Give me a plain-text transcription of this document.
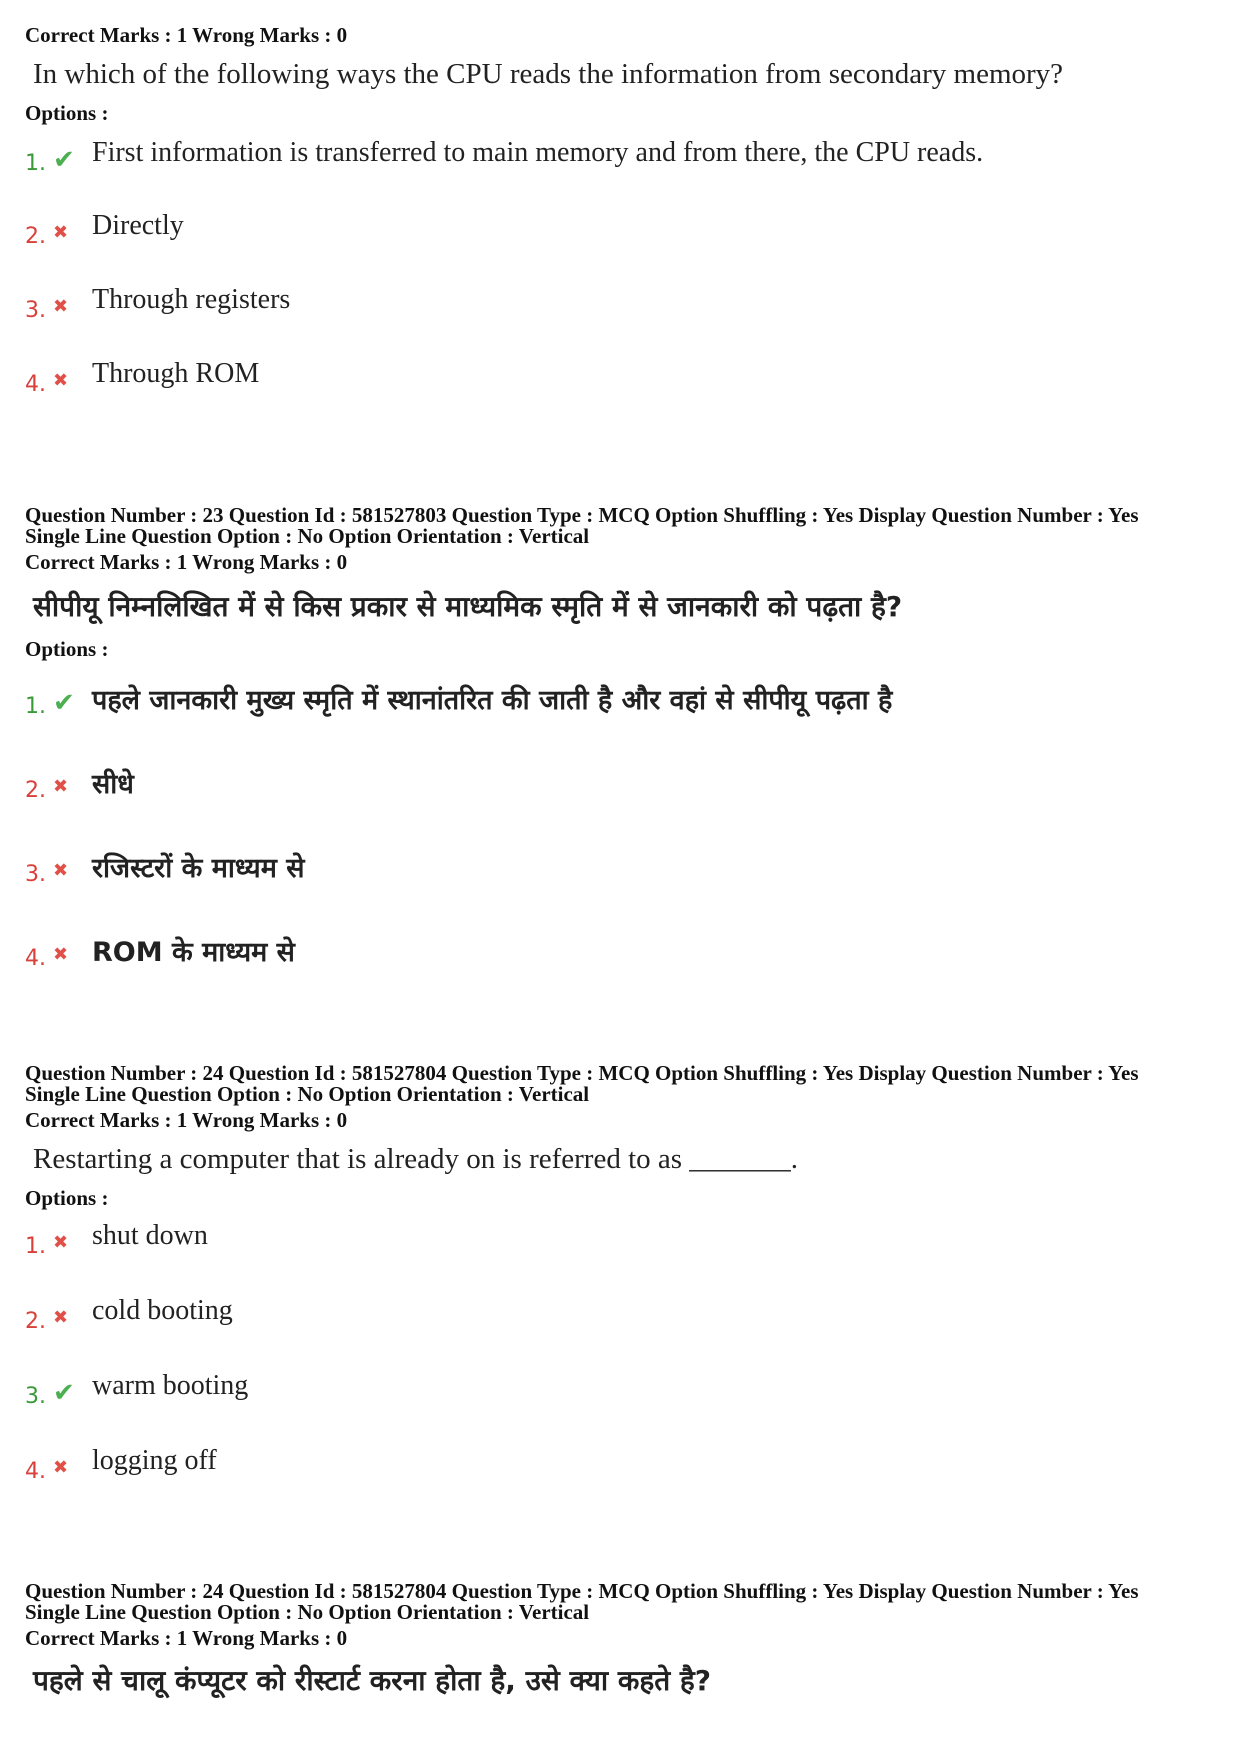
Correct Marks : 1 Wrong Marks : 0

In which of the following ways the CPU reads the information from secondary memory?

Options :

1. ✔ First information is transferred to main memory and from there, the CPU reads.
2. ✖ Directly
3. ✖ Through registers
4. ✖ Through ROM

Question Number : 23 Question Id : 581527803 Question Type : MCQ Option Shuffling : Yes Display Question Number : Yes

Single Line Question Option : No Option Orientation : Vertical

Correct Marks : 1 Wrong Marks : 0

सीपीयू निम्नलिखित में से किस प्रकार से माध्यमिक स्मृति में से जानकारी को पढ़ता है?

Options :

1. ✔ पहले जानकारी मुख्य स्मृति में स्थानांतरित की जाती है और वहां से सीपीयू पढ़ता है
2. ✖ सीधे
3. ✖ रजिस्टरों के माध्यम से
4. ✖ ROM के माध्यम से

Question Number : 24 Question Id : 581527804 Question Type : MCQ Option Shuffling : Yes Display Question Number : Yes

Single Line Question Option : No Option Orientation : Vertical

Correct Marks : 1 Wrong Marks : 0

Restarting a computer that is already on is referred to as _______.

Options :

1. ✖ shut down
2. ✖ cold booting
3. ✔ warm booting
4. ✖ logging off

Question Number : 24 Question Id : 581527804 Question Type : MCQ Option Shuffling : Yes Display Question Number : Yes

Single Line Question Option : No Option Orientation : Vertical

Correct Marks : 1 Wrong Marks : 0

पहले से चालू कंप्यूटर को रीस्टार्ट करना होता है, उसे क्या कहते है?
